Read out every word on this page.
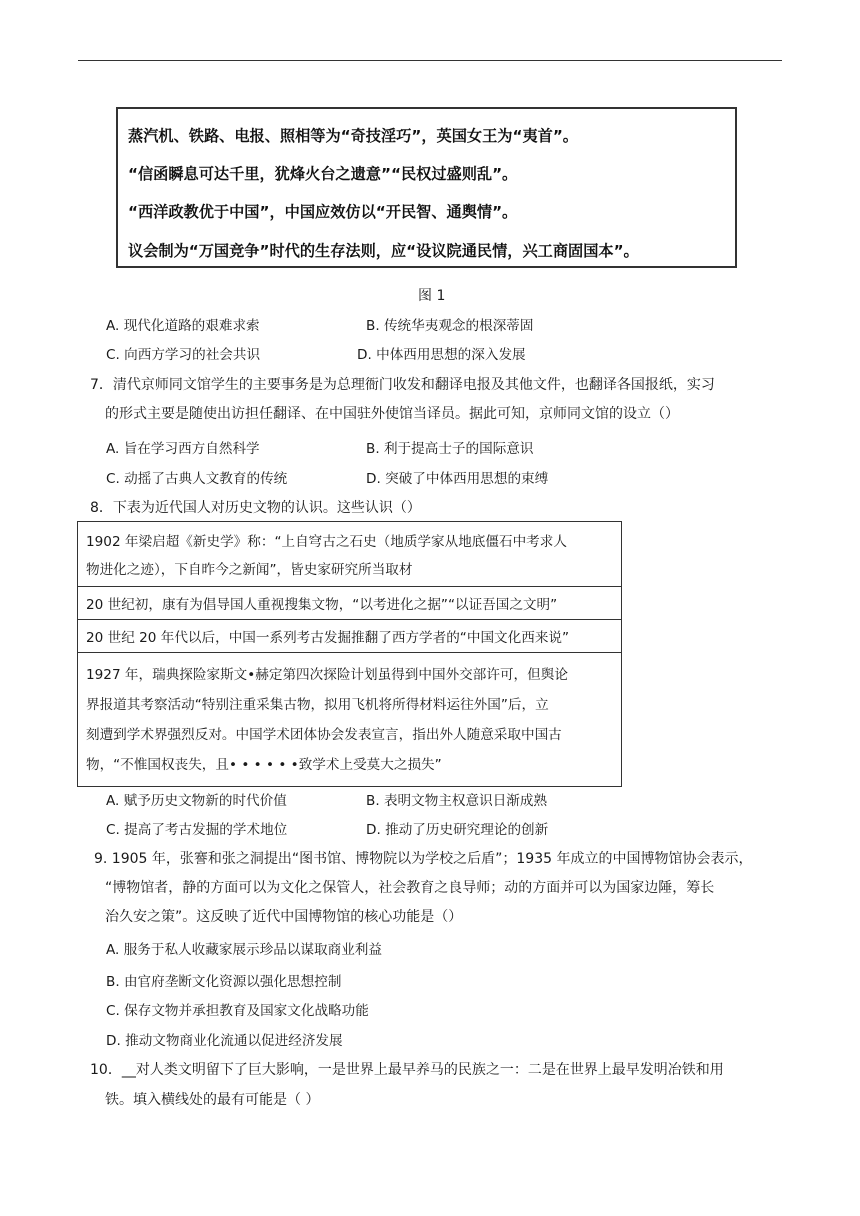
蒸汽机、铁路、电报、照相等为“奇技淫巧”，英国女王为“夷首”。
“信函瞬息可达千里，犹烽火台之遗意”“民权过盛则乱”。
“西洋政教优于中国”，中国应效仿以“开民智、通舆情”。
议会制为“万国竞争”时代的生存法则，应“设议院通民情，兴工商固国本”。
图 1
A. 现代化道路的艰难求索	B. 传统华夷观念的根深蒂固
C. 向西方学习的社会共识	D. 中体西用思想的深入发展
7．清代京师同文馆学生的主要事务是为总理衙门收发和翻译电报及其他文件，也翻译各国报纸，实习
的形式主要是随使出访担任翻译、在中国驻外使馆当译员。据此可知，京师同文馆的设立（）
A. 旨在学习西方自然科学	B. 利于提高士子的国际意识
C. 动摇了古典人文教育的传统	D. 突破了中体西用思想的束缚
8．下表为近代国人对历史文物的认识。这些认识（）
1902 年梁启超《新史学》称：“上自穹古之石史（地质学家从地底僵石中考求人
物进化之迹），下自昨今之新闻”，皆史家研究所当取材
20 世纪初，康有为倡导国人重视搜集文物，“以考进化之据”“以证吾国之文明”
20 世纪 20 年代以后，中国一系列考古发掘推翻了西方学者的“中国文化西来说”
1927 年，瑞典探险家斯文•赫定第四次探险计划虽得到中国外交部许可，但舆论
界报道其考察活动“特别注重采集古物，拟用飞机将所得材料运往外国”后，立
刻遭到学术界强烈反对。中国学术团体协会发表宣言，指出外人随意采取中国古
物，“不惟国权丧失，且• • • • • •致学术上受莫大之损失”
A. 赋予历史文物新的时代价值	B. 表明文物主权意识日渐成熟
C. 提高了考古发掘的学术地位	D. 推动了历史研究理论的创新
9. 1905 年，张謇和张之洞提出“图书馆、博物院以为学校之后盾”；1935 年成立的中国博物馆协会表示，
“博物馆者，静的方面可以为文化之保管人，社会教育之良导师；动的方面并可以为国家边陲，筹长
治久安之策”。这反映了近代中国博物馆的核心功能是（）
A. 服务于私人收藏家展示珍品以谋取商业利益
B. 由官府垄断文化资源以强化思想控制
C. 保存文物并承担教育及国家文化战略功能
D. 推动文物商业化流通以促进经济发展
10．__对人类文明留下了巨大影响，一是世界上最早养马的民族之一：二是在世界上最早发明冶铁和用
铁。填入横线处的最有可能是（ ）
